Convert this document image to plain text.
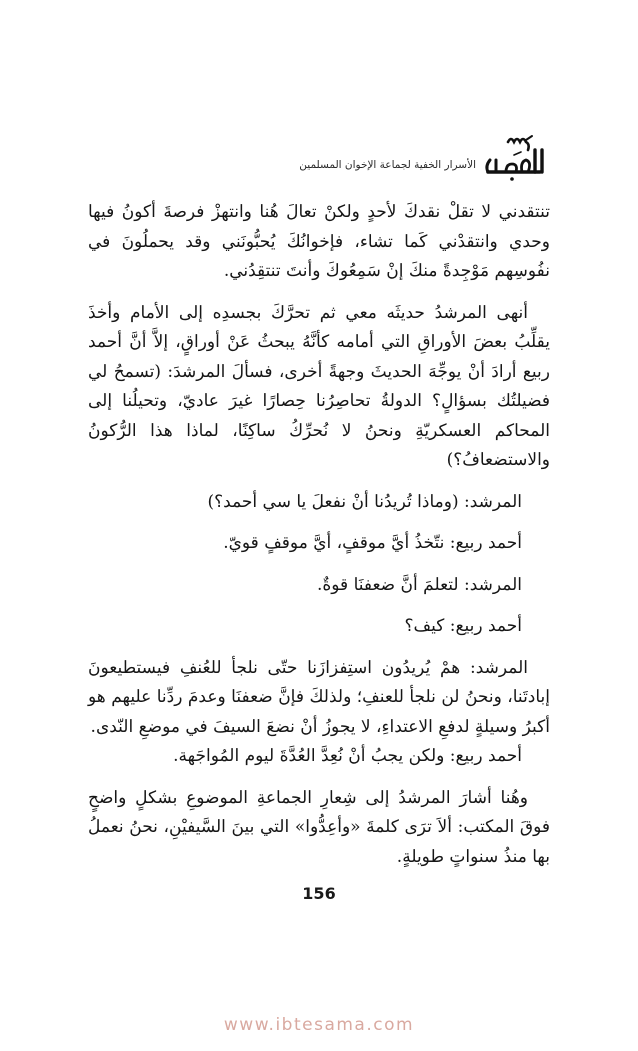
الأسرار الخفية لجماعة الإخوان المسلمين

تنتقدني لا تقلْ نقدكَ لأحدٍ ولكنْ تعالَ هُنا وانتهزْ فرصةَ أكونُ فيها وحدي وانتقدْني كَما تشاء، فإخوانُكَ يُحبُّونَني وقد يحملُونَ في نفُوسِهم مَوْجِدةً منكَ إنْ سَمِعُوكَ وأنتَ تنتقِدُني.

أنهى المرشدُ حديثَه معي ثم تحرَّكَ بجسدِه إلى الأمام وأخذَ يقلِّبُ بعضَ الأوراقِ التي أمامه كأنَّهُ يبحثُ عَنْ أوراقٍ، إلاَّ أنَّ أحمد ربيع أرادَ أنْ يوجِّهَ الحديثَ وجهةً أخرى، فسألَ المرشدَ: (تسمحُ لي فضيلتُك بسؤالٍ؟ الدولةُ تحاصِرُنا حِصارًا غيرَ عاديّ، وتحيلُنا إلى المحاكم العسكريّةِ ونحنُ لا نُحرِّكُ ساكِنًا، لماذا هذا الرُّكونُ والاستضعافُ؟)

المرشد: (وماذا تُريدُنا أنْ نفعلَ يا سي أحمد؟)

أحمد ربيع: نتّخذُ أيَّ موقفٍ، أيَّ موقفٍ قويّ.

المرشد: لتعلمَ أنَّ ضعفنَا قوةٌ.

أحمد ربيع: كيف؟

المرشد: همْ يُريدُون استِفزازَنا حتّى نلجأ للعُنفِ فيستطيعونَ إبادتَنا، ونحنُ لن نلجأ للعنفِ؛ ولذلكَ فإنَّ ضعفنَا وعدمَ ردِّنا عليهم هو أكبرُ وسيلةٍ لدفعِ الاعتداءِ، لا يجوزُ أنْ نضعَ السيفَ في موضعِ النّدى.

أحمد ربيع: ولكن يجبُ أنْ نُعِدَّ العُدَّةَ ليوم المُواجَهة.

وهُنا أشارَ المرشدُ إلى شِعارِ الجماعةِ الموضوعِ بشكلٍ واضحٍ فوقَ المكتب: ألاَ ترَى كلمةَ «وأعِدُّوا» التي بينَ السَّيفيْنِ، نحنُ نعملُ بها منذُ سنواتٍ طويلةٍ.

156
www.ibtesama.com
